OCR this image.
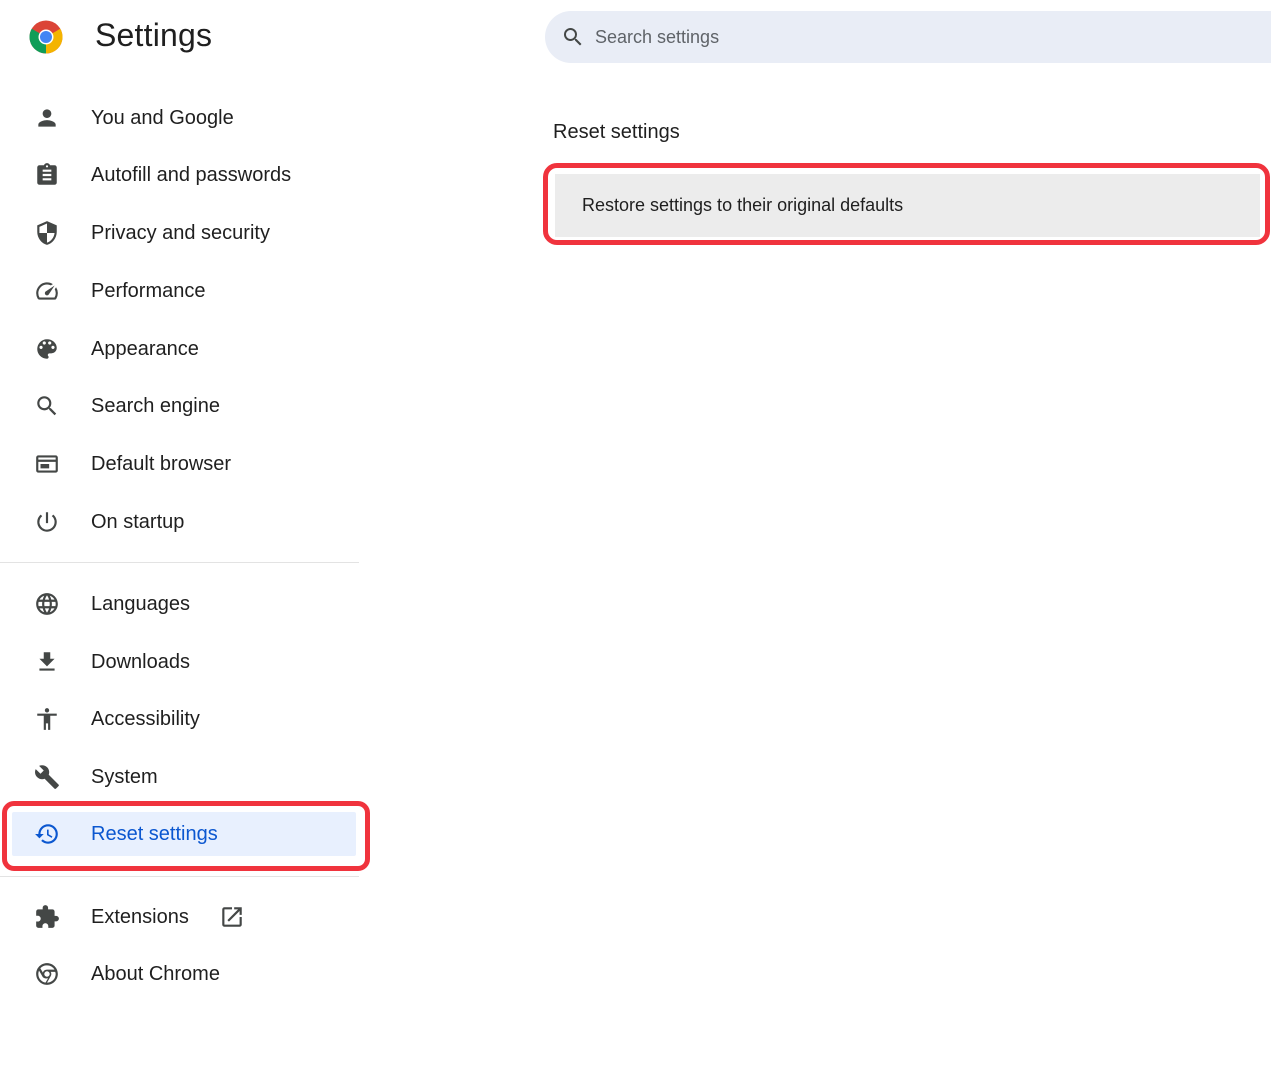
Settings
Search settings
You and Google
Autofill and passwords
Privacy and security
Performance
Appearance
Search engine
Default browser
On startup
Languages
Downloads
Accessibility
System
Reset settings
Extensions
About Chrome
Reset settings
Restore settings to their original defaults
